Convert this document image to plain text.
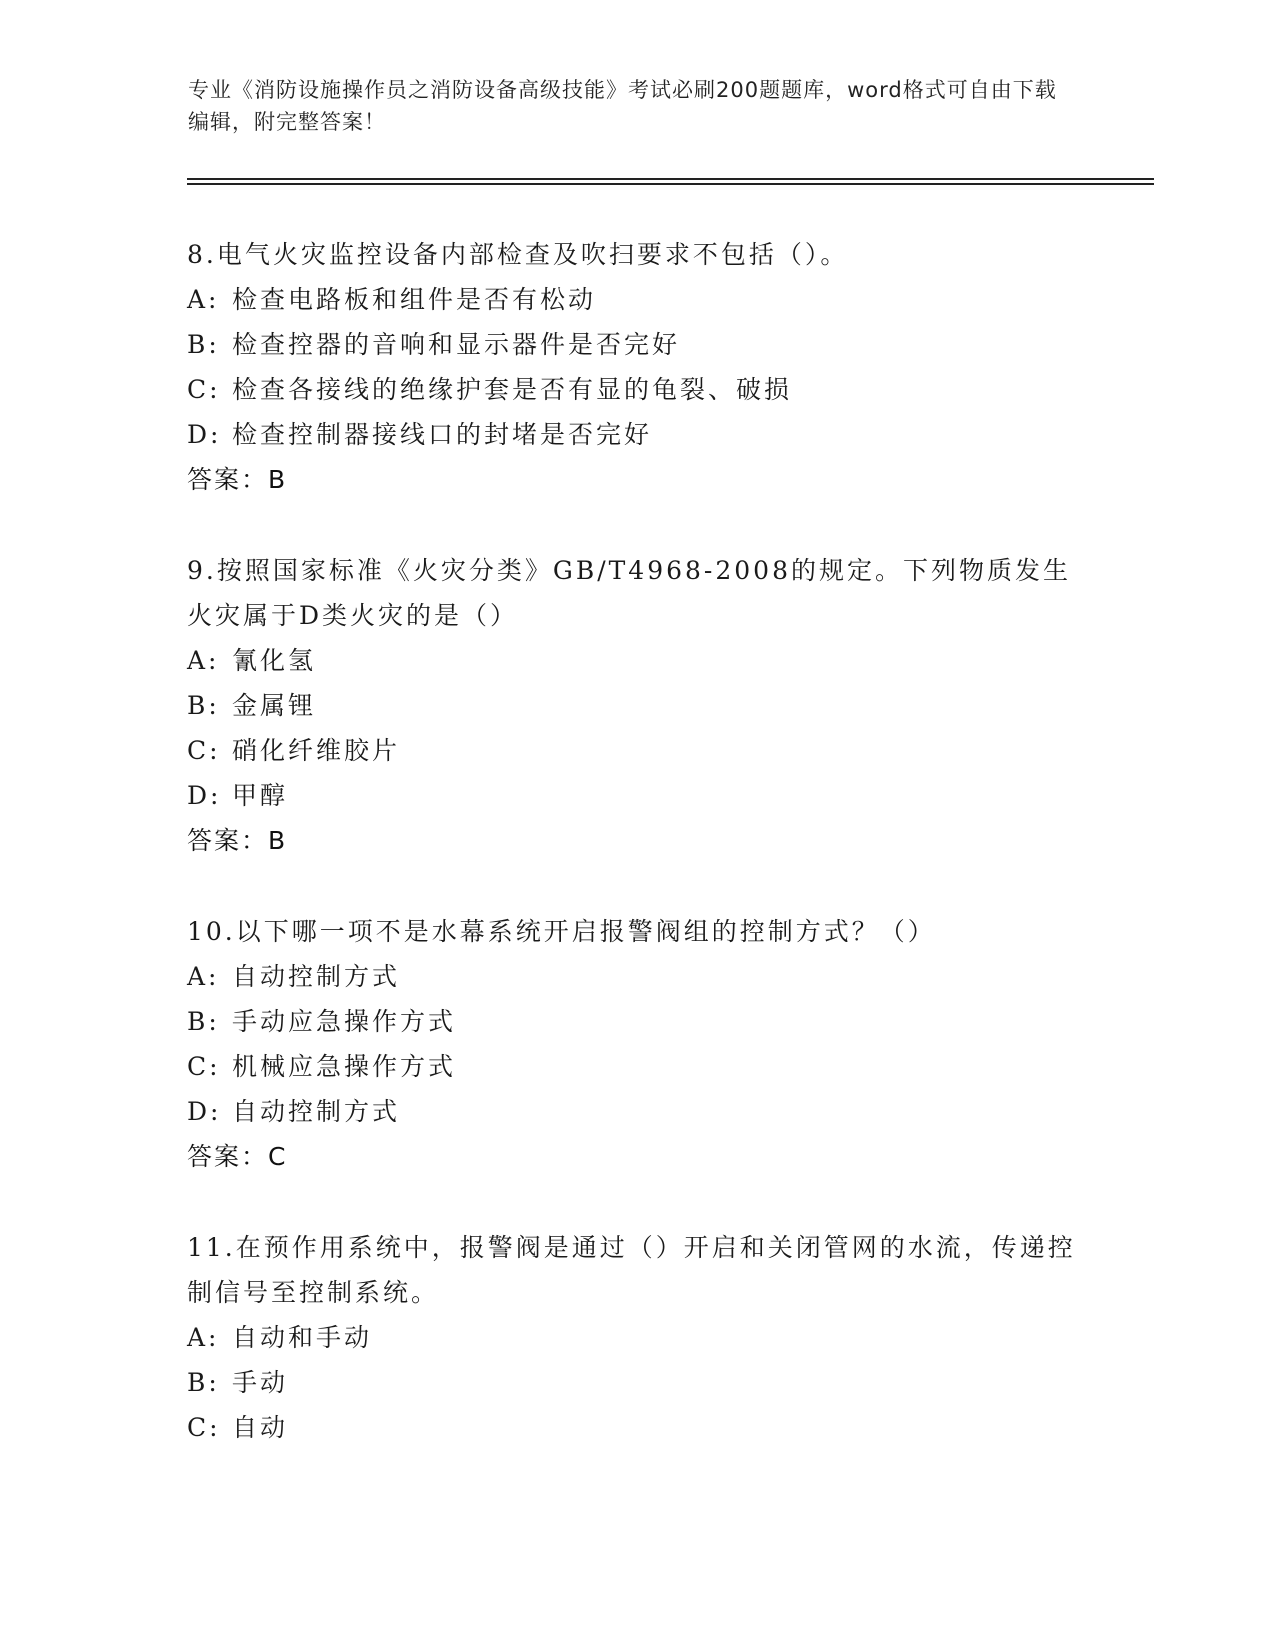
专业《消防设施操作员之消防设备高级技能》考试必刷200题题库，word格式可自由下载编辑，附完整答案！
8.电气火灾监控设备内部检查及吹扫要求不包括（）。
A: 检查电路板和组件是否有松动
B: 检查控器的音响和显示器件是否完好
C: 检查各接线的绝缘护套是否有显的龟裂、破损
D: 检查控制器接线口的封堵是否完好
答案：B
9.按照国家标准《火灾分类》GB/T4968-2008的规定。下列物质发生火灾属于D类火灾的是（）
A: 氰化氢
B: 金属锂
C: 硝化纤维胶片
D: 甲醇
答案：B
10.以下哪一项不是水幕系统开启报警阀组的控制方式？（）
A: 自动控制方式
B: 手动应急操作方式
C: 机械应急操作方式
D: 自动控制方式
答案：C
11.在预作用系统中，报警阀是通过（）开启和关闭管网的水流，传递控制信号至控制系统。
A: 自动和手动
B: 手动
C: 自动
